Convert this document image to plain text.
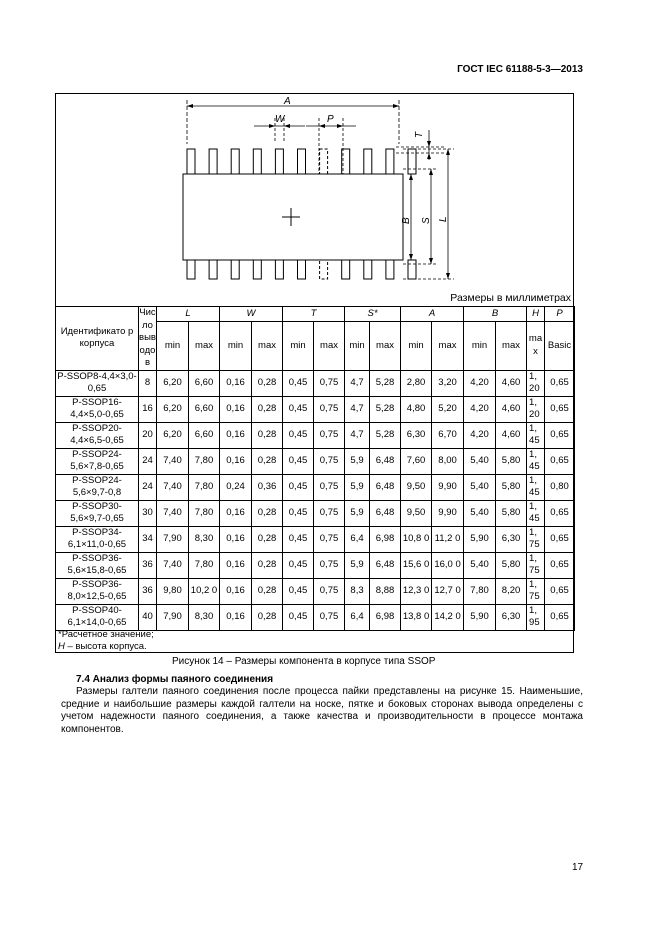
ГОСТ IEC 61188-5-3—2013
A
W	P
T
B S L
Размеры в миллиметрах
Идентификато р корпуса	Чис ло выв одо в	L		W		T		S*		A		B		H	P
		min	max	min	max	min	max	min	max	min	max	min	max	ma x	Basic
P-SSOP8-4,4×3,0-0,65	8	6,20	6,60	0,16	0,28	0,45	0,75	4,7	5,28	2,80	3,20	4,20	4,60	1, 20	0,65
P-SSOP16-4,4×5,0-0,65	16	6,20	6,60	0,16	0,28	0,45	0,75	4,7	5,28	4,80	5,20	4,20	4,60	1, 20	0,65
P-SSOP20-4,4×6,5-0,65	20	6,20	6,60	0,16	0,28	0,45	0,75	4,7	5,28	6,30	6,70	4,20	4,60	1, 45	0,65
P-SSOP24-5,6×7,8-0,65	24	7,40	7,80	0,16	0,28	0,45	0,75	5,9	6,48	7,60	8,00	5,40	5,80	1, 45	0,65
P-SSOP24-5,6×9,7-0,8	24	7,40	7,80	0,24	0,36	0,45	0,75	5,9	6,48	9,50	9,90	5,40	5,80	1, 45	0,80
P-SSOP30-5,6×9,7-0,65	30	7,40	7,80	0,16	0,28	0,45	0,75	5,9	6,48	9,50	9,90	5,40	5,80	1, 45	0,65
P-SSOP34-6,1×11,0-0,65	34	7,90	8,30	0,16	0,28	0,45	0,75	6,4	6,98	10,8 0	11,2 0	5,90	6,30	1, 75	0,65
P-SSOP36-5,6×15,8-0,65	36	7,40	7,80	0,16	0,28	0,45	0,75	5,9	6,48	15,6 0	16,0 0	5,40	5,80	1, 75	0,65
P-SSOP36-8,0×12,5-0,65	36	9,80	10,2 0	0,16	0,28	0,45	0,75	8,3	8,88	12,3 0	12,7 0	7,80	8,20	1, 75	0,65
P-SSOP40-6,1×14,0-0,65	40	7,90	8,30	0,16	0,28	0,45	0,75	6,4	6,98	13,8 0	14,2 0	5,90	6,30	1, 95	0,65
*Расчетное значение;
H – высота корпуса.
Рисунок 14 – Размеры компонента в корпусе типа SSOP
7.4 Анализ формы паяного соединения
Размеры галтели паяного соединения после процесса пайки представлены на рисунке 15. Наименьшие, средние и наибольшие размеры каждой галтели на носке, пятке и боковых сторонах вывода определены с учетом надежности паяного соединения, а также качества и производительности в процессе монтажа компонентов.
17
